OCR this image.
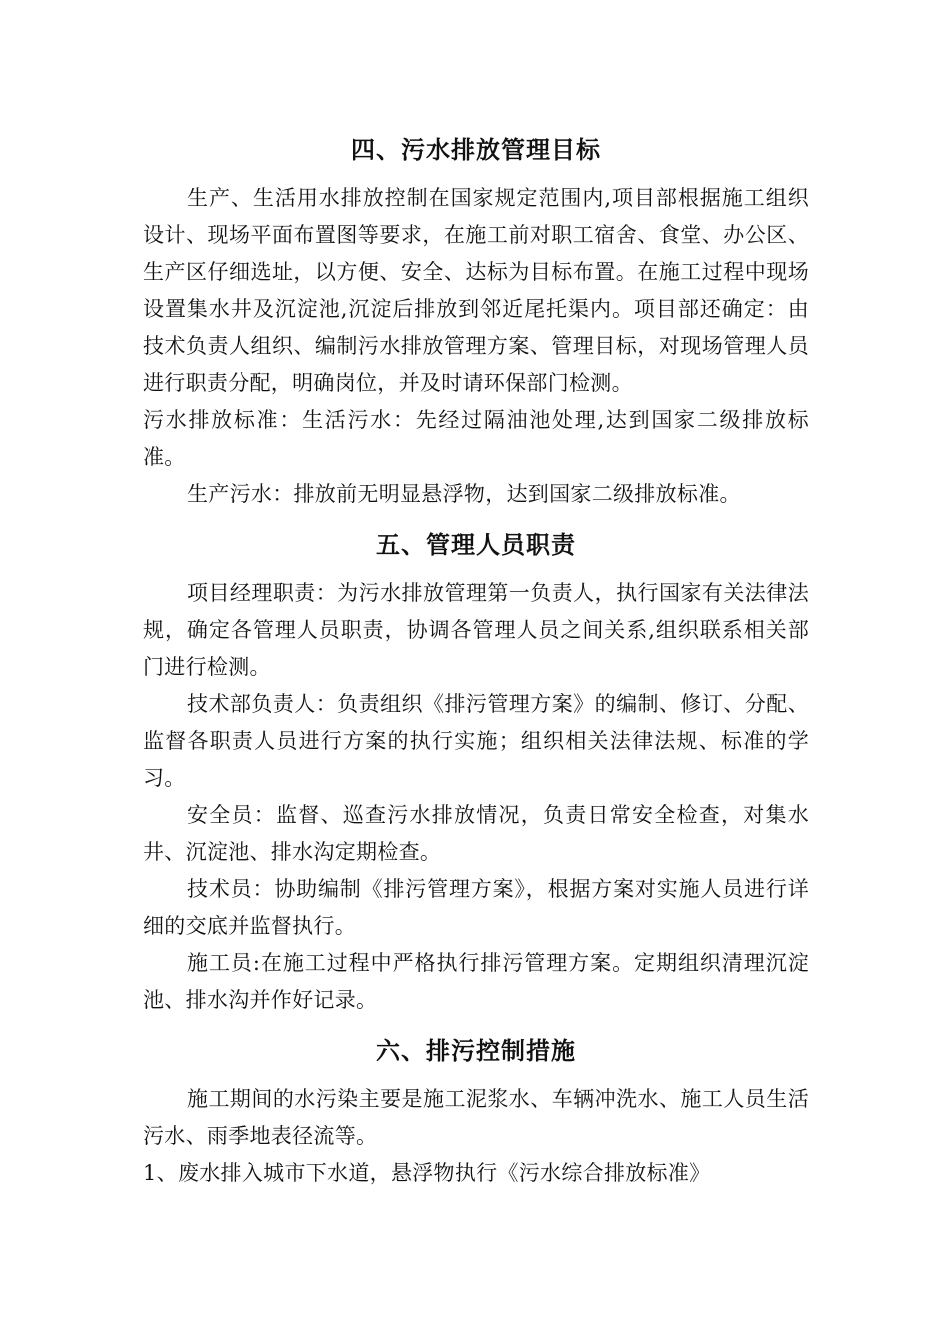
四、污水排放管理目标

生产、生活用水排放控制在国家规定范围内,项目部根据施工组织设计、现场平面布置图等要求，在施工前对职工宿舍、食堂、办公区、生产区仔细选址，以方便、安全、达标为目标布置。在施工过程中现场设置集水井及沉淀池,沉淀后排放到邻近尾托渠内。项目部还确定：由技术负责人组织、编制污水排放管理方案、管理目标，对现场管理人员进行职责分配，明确岗位，并及时请环保部门检测。

污水排放标准：生活污水：先经过隔油池处理,达到国家二级排放标准。

生产污水：排放前无明显悬浮物，达到国家二级排放标准。

五、管理人员职责

项目经理职责：为污水排放管理第一负责人，执行国家有关法律法规，确定各管理人员职责，协调各管理人员之间关系,组织联系相关部门进行检测。

技术部负责人：负责组织《排污管理方案》的编制、修订、分配、监督各职责人员进行方案的执行实施；组织相关法律法规、标准的学习。

安全员：监督、巡查污水排放情况，负责日常安全检查，对集水井、沉淀池、排水沟定期检查。

技术员：协助编制《排污管理方案》，根据方案对实施人员进行详细的交底并监督执行。

施工员:在施工过程中严格执行排污管理方案。定期组织清理沉淀池、排水沟并作好记录。

六、排污控制措施

施工期间的水污染主要是施工泥浆水、车辆冲洗水、施工人员生活污水、雨季地表径流等。

1、废水排入城市下水道，悬浮物执行《污水综合排放标准》
